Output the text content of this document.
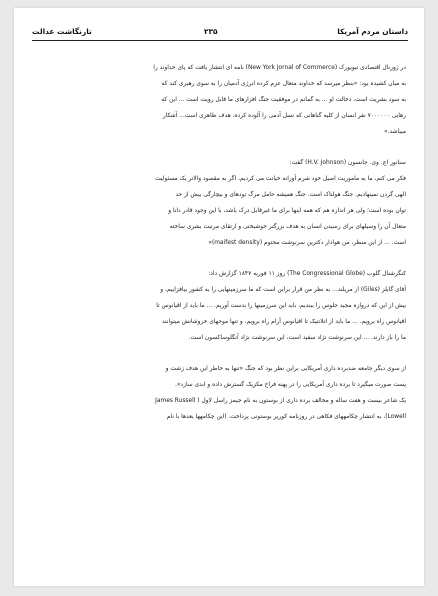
داستان مردم آمریکا
۲۳۵
تارنگاشت عدالت
در ژورنال اقتصادی نیویورک (New York Jornal of Commerce) نامه ای انتشار یافت که پای خداوند را
به میان کشیده بود: «بنظر میرسد که خداوند متعال عزم کرده انرژی آدمیان را به سوی رهبری کند که
به سود بشریت است. دخالت او ... به گمانم در موفقیت جنگ افزارهای ما قابل رویت است ... این که
رهایی ۷۰۰۰۰۰۰ نفر انسان از کلیه گناهانی که نسل آدمی را آلوده کرده، هدف ظاهری است... آشکار
میباشد.»
سناتور اچ. وی. جانسون (H.V. Johnson) گفت:
فکر می کنم، ما به ماموریت اصیل خود شرم آورانه خیانت می کردیم، اگر به مقصود والاتر یک مسئولیت
الهی گردن نمینهادیم. جنگ هولناک است. جنگ همیشه حامل مرگ تودهای و بیچارگی بیش از حد
توان بوده است؛ ولی هر اندازه هم که همه اینها برای ما غیرقابل درک باشد، با این وجود قادر دانا و
متعال آن را وسیلهای برای رسیدن انسان به هدف بزرگتر خوشبختی و ارتقای مرتبت بشری ساخته
است. ... از این منظر، من هوادار دکترین سرنوشت محتوم (maifest density)»
کنگرشنال گلوب (The Congressional Globe) روز ۱۱ فوریه ۱۸۴۷ گزارش داد:
آقای گایلز (Giles) از مریلند... به نظر من قرار براین است که ما سرزمینهایی را به کشور بیافزاییم، و
بیش از این که دروازه مجید جلوس را ببندیم، باید این سرزمینها را بدست آوریم. ... ما باید از اقیانوس تا
اقیانوس راه برویم. ... ما باید از اتلانتیک تا اقیانوس آرام راه برویم، و تنها موجهای خروشانش میتوانند
ما را باز دارند. ... این سرنوشت نژاد سفید است، این سرنوشت نژاد آنگلوساکسون است.
از سوی دیگر جامعه ضدبرده داری آمریکایی براین نظر بود که جنگ «تنها به خاطر این هدف زشت و
پست صورت میگیرد تا برده داری آمریکایی را در پهنه فراخ مکزیک گسترش داده و ابدی سازد».
یک شاعر بیست و هفت ساله و مخالف برده داری از بوستون به نام جیمز راسل لاول ( James Russell
Lowell)، به انتشار چکامههای فکاهی در روزنامه کوریر بوستونی پرداخت. (این چکامهها بعدها با نام
